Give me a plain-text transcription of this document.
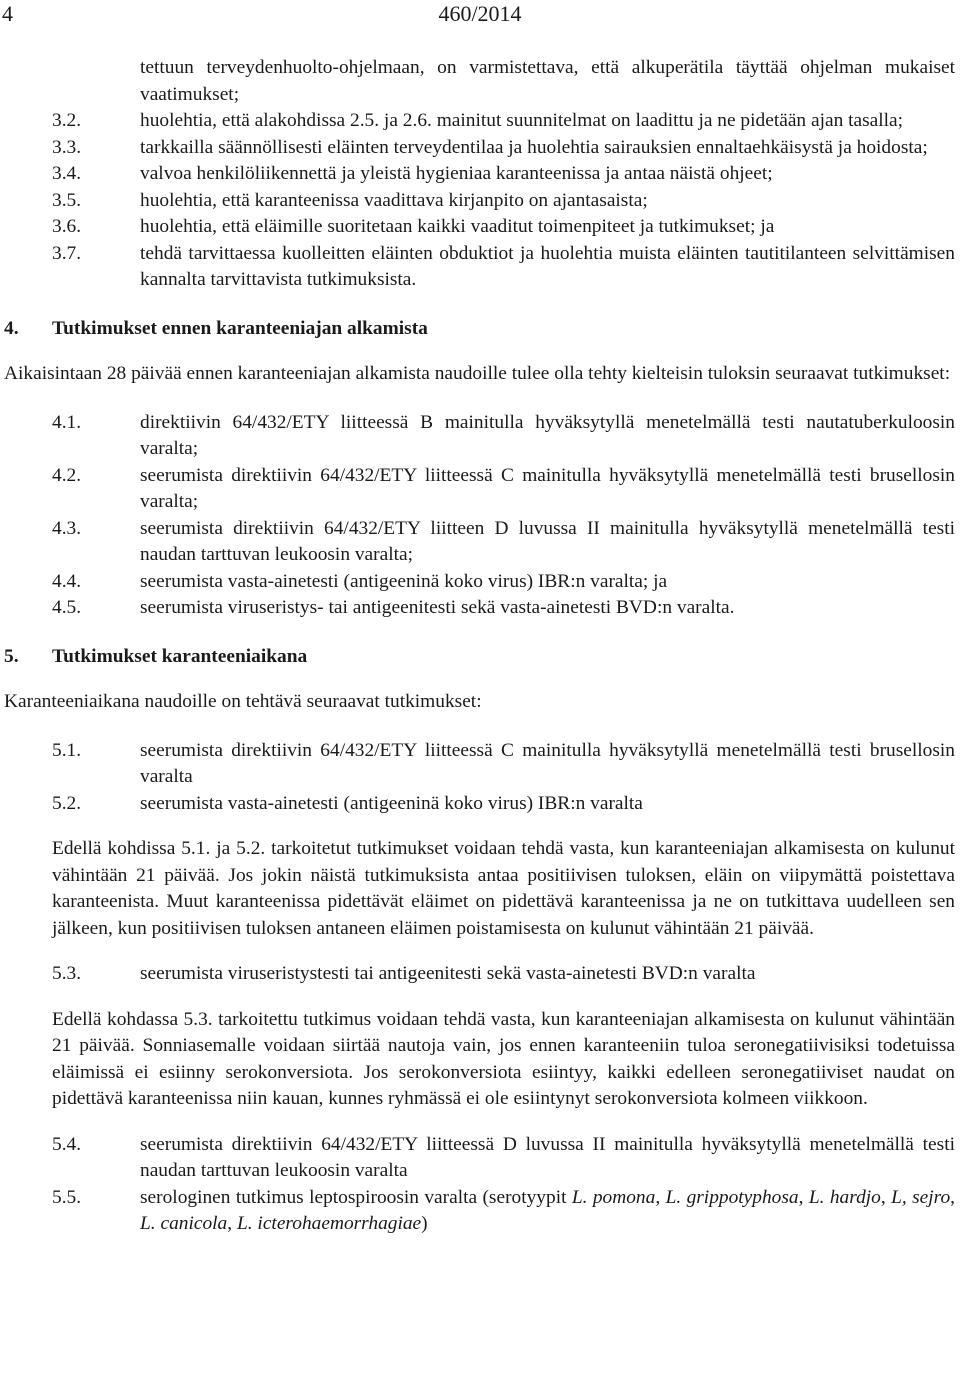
4	460/2014
tettuun terveydenhuolto-ohjelmaan, on varmistettava, että alkuperätila täyttää ohjelman mukaiset vaatimukset;
3.2.	huolehtia, että alakohdissa 2.5. ja 2.6. mainitut suunnitelmat on laadittu ja ne pidetään ajan tasalla;
3.3.	tarkkailla säännöllisesti eläinten terveydentilaa ja huolehtia sairauksien ennaltaehkäisystä ja hoidosta;
3.4.	valvoa henkilöliikennettä ja yleistä hygieniaa karanteenissa ja antaa näistä ohjeet;
3.5.	huolehtia, että karanteenissa vaadittava kirjanpito on ajantasaista;
3.6.	huolehtia, että eläimille suoritetaan kaikki vaaditut toimenpiteet ja tutkimukset; ja
3.7.	tehdä tarvittaessa kuolleitten eläinten obduktiot ja huolehtia muista eläinten tautitilanteen selvittämisen kannalta tarvittavista tutkimuksista.
4.	Tutkimukset ennen karanteeniajan alkamista
Aikaisintaan 28 päivää ennen karanteeniajan alkamista naudoille tulee olla tehty kielteisin tuloksin seuraavat tutkimukset:
4.1.	direktiivin 64/432/ETY liitteessä B mainitulla hyväksytyllä menetelmällä testi nautatuberkuloosin varalta;
4.2.	seerumista direktiivin 64/432/ETY liitteessä C mainitulla hyväksytyllä menetelmällä testi brusellosin varalta;
4.3.	seerumista direktiivin 64/432/ETY liitteen D luvussa II mainitulla hyväksytyllä menetelmällä testi naudan tarttuvan leukoosin varalta;
4.4.	seerumista vasta-ainetesti (antigeeninä koko virus) IBR:n varalta; ja
4.5.	seerumista viruseristys- tai antigeenitesti sekä vasta-ainetesti BVD:n varalta.
5.	Tutkimukset karanteeniaikana
Karanteeniaikana naudoille on tehtävä seuraavat tutkimukset:
5.1.	seerumista direktiivin 64/432/ETY liitteessä C mainitulla hyväksytyllä menetelmällä testi brusellosin varalta
5.2.	seerumista vasta-ainetesti (antigeeninä koko virus) IBR:n varalta
Edellä kohdissa 5.1. ja 5.2. tarkoitetut tutkimukset voidaan tehdä vasta, kun karanteeniajan alkamisesta on kulunut vähintään 21 päivää. Jos jokin näistä tutkimuksista antaa positiivisen tuloksen, eläin on viipymättä poistettava karanteenista. Muut karanteenissa pidettävät eläimet on pidettävä karanteenissa ja ne on tutkittava uudelleen sen jälkeen, kun positiivisen tuloksen antaneen eläimen poistamisesta on kulunut vähintään 21 päivää.
5.3.	seerumista viruseristystesti tai antigeenitesti sekä vasta-ainetesti BVD:n varalta
Edellä kohdassa 5.3. tarkoitettu tutkimus voidaan tehdä vasta, kun karanteeniajan alkamisesta on kulunut vähintään 21 päivää. Sonniasemalle voidaan siirtää nautoja vain, jos ennen karanteeniin tuloa seronegatiivisiksi todetuissa eläimissä ei esiinny serokonversiota. Jos serokonversiota esiintyy, kaikki edelleen seronegatiiviset naudat on pidettävä karanteenissa niin kauan, kunnes ryhmässä ei ole esiintynyt serokonversiota kolmeen viikkoon.
5.4.	seerumista direktiivin 64/432/ETY liitteessä D luvussa II mainitulla hyväksytyllä menetelmällä testi naudan tarttuvan leukoosin varalta
5.5.	serologinen tutkimus leptospiroosin varalta (serotyypit L. pomona, L. grippotyphosa, L. hardjo, L, sejro, L. canicola, L. icterohaemorrhagiae)
